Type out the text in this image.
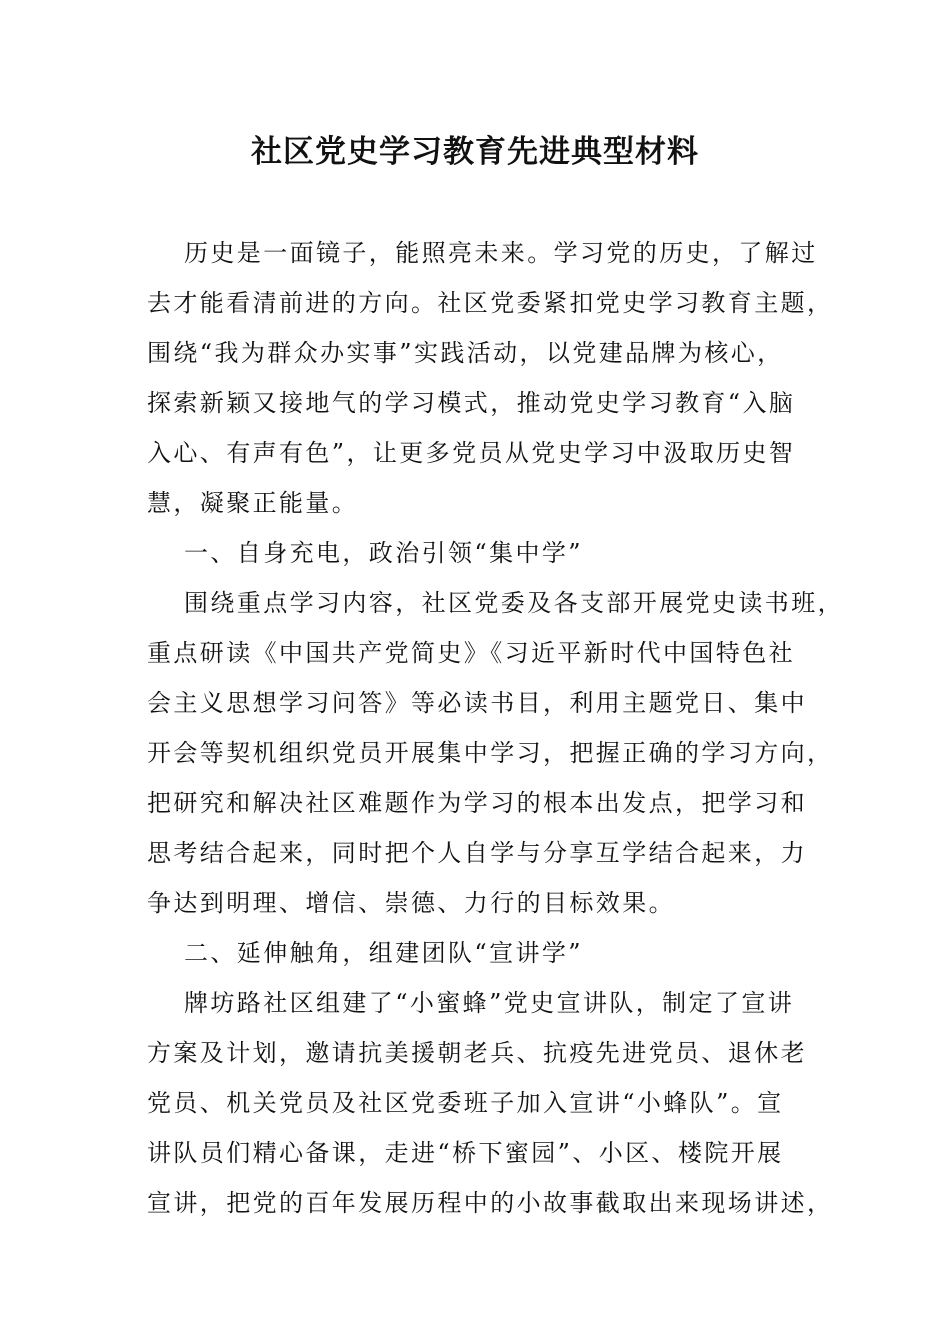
社区党史学习教育先进典型材料
历史是一面镜子，能照亮未来。学习党的历史，了解过
去才能看清前进的方向。社区党委紧扣党史学习教育主题，
围绕“我为群众办实事”实践活动，以党建品牌为核心，
探索新颖又接地气的学习模式，推动党史学习教育“入脑
入心、有声有色”，让更多党员从党史学习中汲取历史智
慧，凝聚正能量。
一、自身充电，政治引领“集中学”
围绕重点学习内容，社区党委及各支部开展党史读书班，
重点研读《中国共产党简史》《习近平新时代中国特色社
会主义思想学习问答》等必读书目，利用主题党日、集中
开会等契机组织党员开展集中学习，把握正确的学习方向，
把研究和解决社区难题作为学习的根本出发点，把学习和
思考结合起来，同时把个人自学与分享互学结合起来，力
争达到明理、增信、崇德、力行的目标效果。
二、延伸触角，组建团队“宣讲学”
牌坊路社区组建了“小蜜蜂”党史宣讲队，制定了宣讲
方案及计划，邀请抗美援朝老兵、抗疫先进党员、退休老
党员、机关党员及社区党委班子加入宣讲“小蜂队”。宣
讲队员们精心备课，走进“桥下蜜园”、小区、楼院开展
宣讲，把党的百年发展历程中的小故事截取出来现场讲述，
